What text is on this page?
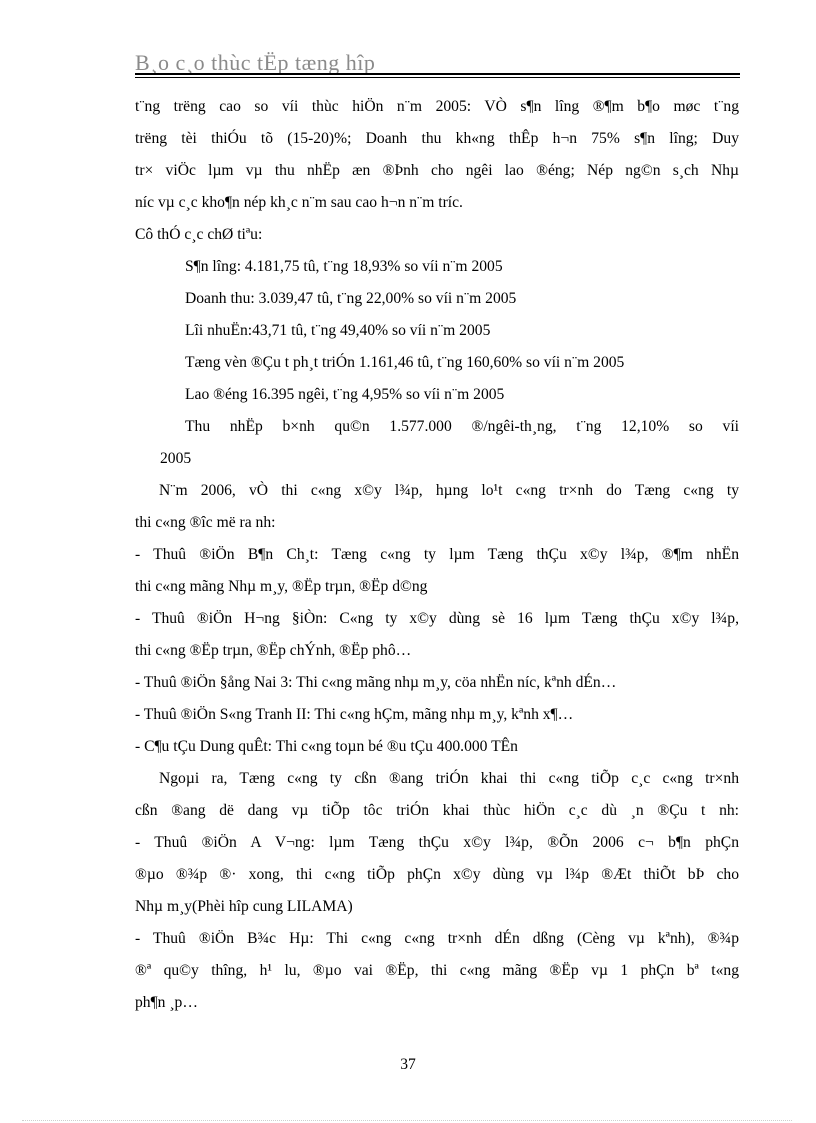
B¸o c¸o thùc tËp tæng hîp
t¨ng trëng cao so víi thùc hiÖn n¨m 2005: VÒ s¶n lîng ®¶m b¶o møc t¨ng
trëng tèi thiÓu tõ (15-20)%; Doanh thu kh«ng thÊp h¬n 75% s¶n lîng; Duy
tr× viÖc lµm vµ thu nhËp æn ®Þnh cho ngêi lao ®éng; Nép ng©n s¸ch Nhµ
níc vµ c¸c kho¶n nép kh¸c n¨m sau cao h¬n n¨m tríc.
Cô thÓ c¸c chØ tiªu:
S¶n lîng: 4.181,75 tû, t¨ng 18,93% so víi n¨m 2005
Doanh thu: 3.039,47 tû, t¨ng 22,00% so víi n¨m 2005
Lîi nhuËn:43,71 tû, t¨ng 49,40% so víi n¨m 2005
Tæng vèn ®Çu t ph¸t triÓn 1.161,46 tû, t¨ng 160,60% so víi n¨m 2005
Lao ®éng 16.395 ngêi, t¨ng 4,95% so víi n¨m 2005
Thu nhËp b×nh qu©n 1.577.000 ®/ngêi-th¸ng, t¨ng 12,10% so víi
2005
N¨m 2006, vÒ thi c«ng x©y l¾p, hµng lo¹t c«ng tr×nh do Tæng c«ng ty
thi c«ng ®îc më ra nh:
- Thuû ®iÖn B¶n Ch¸t: Tæng c«ng ty lµm Tæng thÇu x©y l¾p, ®¶m nhËn
thi c«ng mãng Nhµ m¸y, ®Ëp trµn, ®Ëp d©ng
- Thuû ®iÖn H¬ng §iÒn: C«ng ty x©y dùng sè 16 lµm Tæng thÇu x©y l¾p,
thi c«ng ®Ëp trµn, ®Ëp chÝnh, ®Ëp phô…
- Thuû ®iÖn §ång Nai 3: Thi c«ng mãng nhµ m¸y, cöa nhËn níc, kªnh dÉn…
- Thuû ®iÖn S«ng Tranh II: Thi c«ng hÇm, mãng nhµ m¸y, kªnh x¶…
- C¶u tÇu Dung quÊt: Thi c«ng toµn bé ®u tÇu 400.000 TÊn
Ngoµi ra, Tæng c«ng ty cßn ®ang triÓn khai thi c«ng tiÕp c¸c c«ng tr×nh
cßn ®ang dë dang vµ tiÕp tôc triÓn khai thùc hiÖn c¸c dù ¸n ®Çu t nh:
- Thuû ®iÖn A V¬ng: lµm Tæng thÇu x©y l¾p, ®Õn 2006 c¬ b¶n phÇn
®µo ®¾p ®· xong, thi c«ng tiÕp phÇn x©y dùng vµ l¾p ®Æt thiÕt bÞ cho
Nhµ m¸y(Phèi hîp cung LILAMA)
- Thuû ®iÖn B¾c Hµ: Thi c«ng c«ng tr×nh dÉn dßng (Cèng vµ kªnh), ®¾p
®ª qu©y thîng, h¹ lu, ®µo vai ®Ëp, thi c«ng mãng ®Ëp vµ 1 phÇn bª t«ng
ph¶n ¸p…
37
